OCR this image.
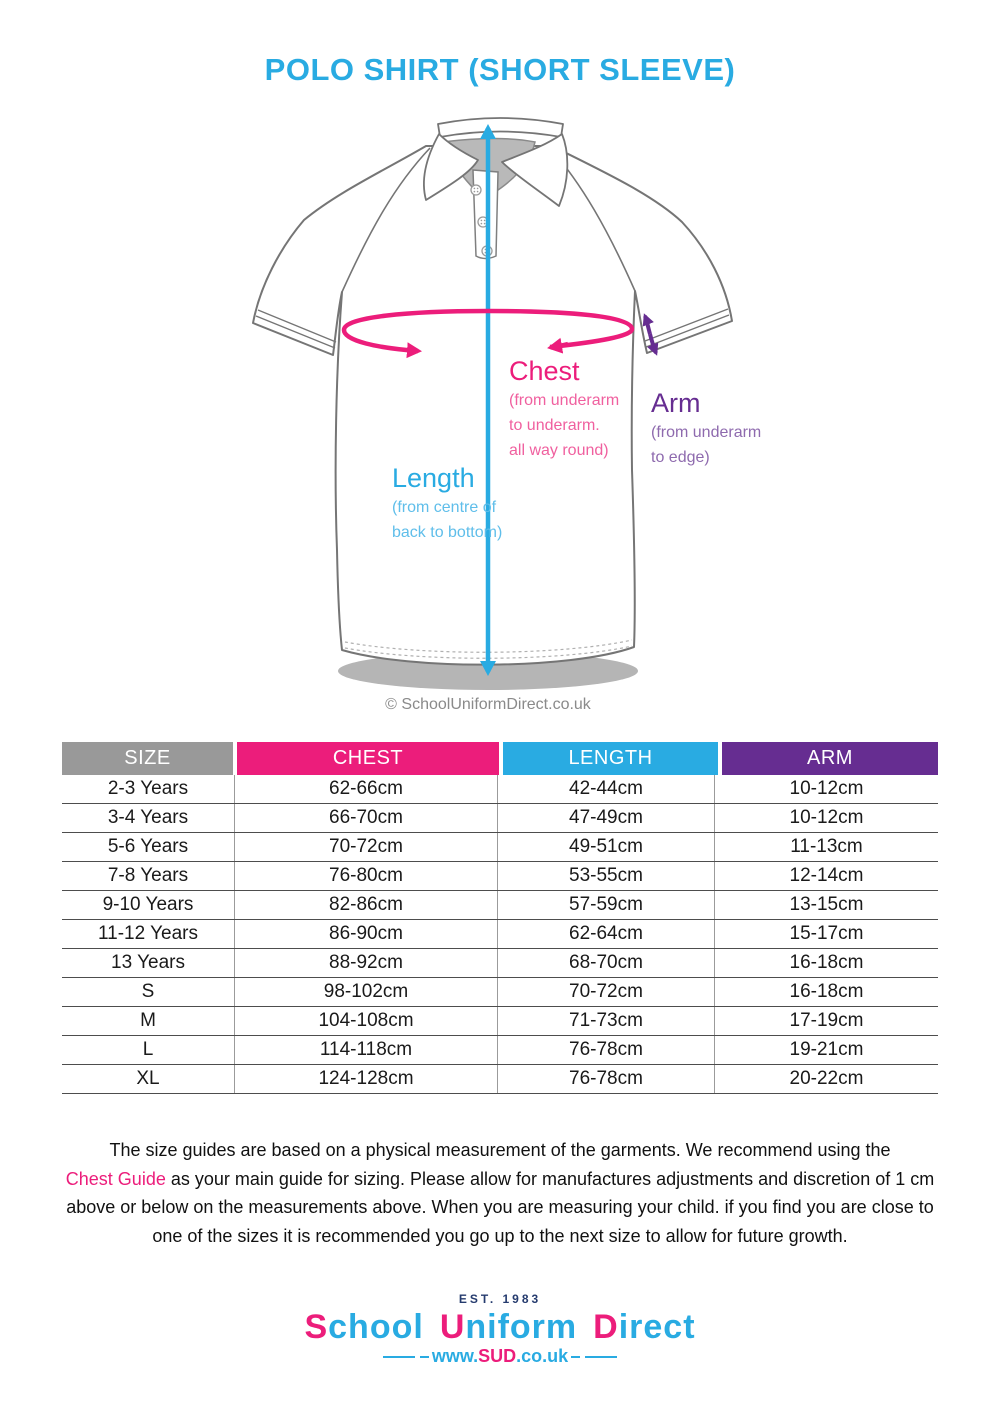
POLO SHIRT (SHORT SLEEVE)
Chest
(from underarm
to underarm.
all way round)
Arm
(from underarm
to edge)
Length
(from centre of
back to bottom)
© SchoolUniformDirect.co.uk
SIZE	CHEST	LENGTH	ARM
2-3 Years	62-66cm	42-44cm	10-12cm
3-4 Years	66-70cm	47-49cm	10-12cm
5-6 Years	70-72cm	49-51cm	11-13cm
7-8 Years	76-80cm	53-55cm	12-14cm
9-10 Years	82-86cm	57-59cm	13-15cm
11-12 Years	86-90cm	62-64cm	15-17cm
13 Years	88-92cm	68-70cm	16-18cm
S	98-102cm	70-72cm	16-18cm
M	104-108cm	71-73cm	17-19cm
L	114-118cm	76-78cm	19-21cm
XL	124-128cm	76-78cm	20-22cm
The size guides are based on a physical measurement of the garments. We recommend using the
Chest Guide as your main guide for sizing. Please allow for manufactures adjustments and discretion of 1 cm
above or below on the measurements above. When you are measuring your child. if you find you are close to
one of the sizes it is recommended you go up to the next size to allow for future growth.
EST. 1983
School Uniform Direct
www.SUD.co.uk
